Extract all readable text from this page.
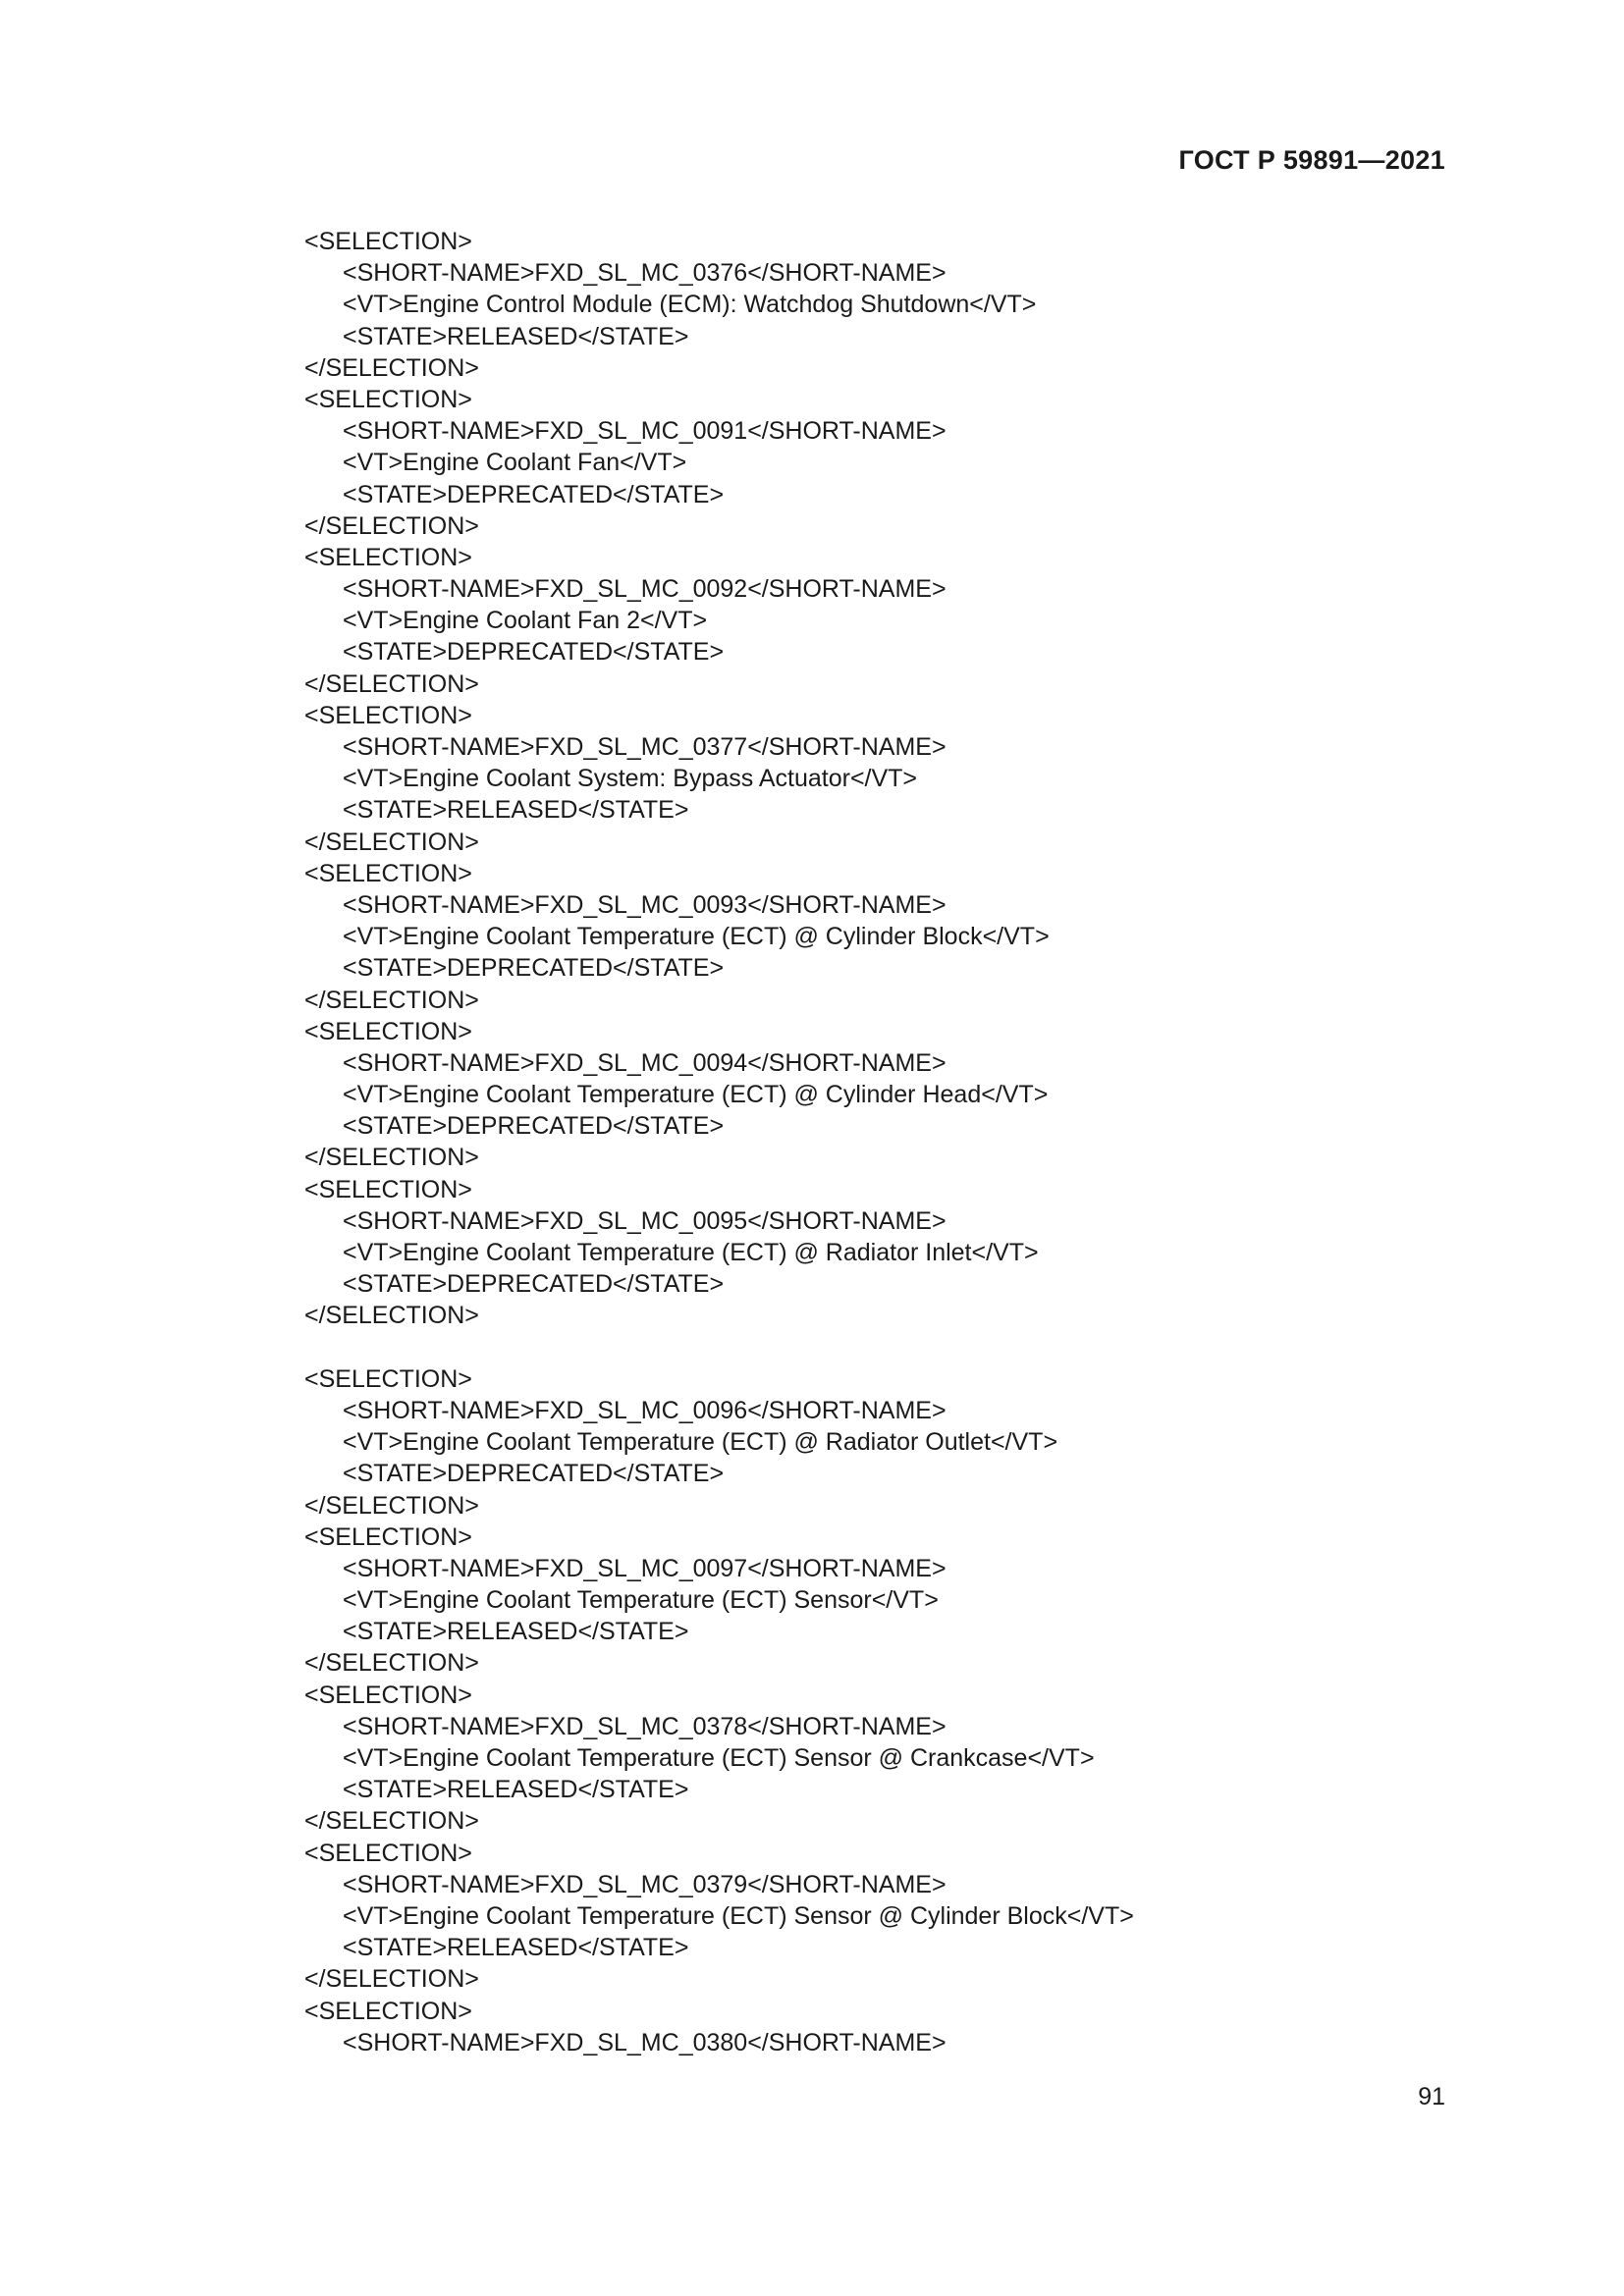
ГОСТ Р 59891—2021
<SELECTION>
<SHORT-NAME>FXD_SL_MC_0376</SHORT-NAME>
<VT>Engine Control Module (ECM): Watchdog Shutdown</VT>
<STATE>RELEASED</STATE>
</SELECTION>
<SELECTION>
<SHORT-NAME>FXD_SL_MC_0091</SHORT-NAME>
<VT>Engine Coolant Fan</VT>
<STATE>DEPRECATED</STATE>
</SELECTION>
<SELECTION>
<SHORT-NAME>FXD_SL_MC_0092</SHORT-NAME>
<VT>Engine Coolant Fan 2</VT>
<STATE>DEPRECATED</STATE>
</SELECTION>
<SELECTION>
<SHORT-NAME>FXD_SL_MC_0377</SHORT-NAME>
<VT>Engine Coolant System: Bypass Actuator</VT>
<STATE>RELEASED</STATE>
</SELECTION>
<SELECTION>
<SHORT-NAME>FXD_SL_MC_0093</SHORT-NAME>
<VT>Engine Coolant Temperature (ECT) @ Cylinder Block</VT>
<STATE>DEPRECATED</STATE>
</SELECTION>
<SELECTION>
<SHORT-NAME>FXD_SL_MC_0094</SHORT-NAME>
<VT>Engine Coolant Temperature (ECT) @ Cylinder Head</VT>
<STATE>DEPRECATED</STATE>
</SELECTION>
<SELECTION>
<SHORT-NAME>FXD_SL_MC_0095</SHORT-NAME>
<VT>Engine Coolant Temperature (ECT) @ Radiator Inlet</VT>
<STATE>DEPRECATED</STATE>
</SELECTION>
<SELECTION>
<SHORT-NAME>FXD_SL_MC_0096</SHORT-NAME>
<VT>Engine Coolant Temperature (ECT) @ Radiator Outlet</VT>
<STATE>DEPRECATED</STATE>
</SELECTION>
<SELECTION>
<SHORT-NAME>FXD_SL_MC_0097</SHORT-NAME>
<VT>Engine Coolant Temperature (ECT) Sensor</VT>
<STATE>RELEASED</STATE>
</SELECTION>
<SELECTION>
<SHORT-NAME>FXD_SL_MC_0378</SHORT-NAME>
<VT>Engine Coolant Temperature (ECT) Sensor @ Crankcase</VT>
<STATE>RELEASED</STATE>
</SELECTION>
<SELECTION>
<SHORT-NAME>FXD_SL_MC_0379</SHORT-NAME>
<VT>Engine Coolant Temperature (ECT) Sensor @ Cylinder Block</VT>
<STATE>RELEASED</STATE>
</SELECTION>
<SELECTION>
<SHORT-NAME>FXD_SL_MC_0380</SHORT-NAME>
91
